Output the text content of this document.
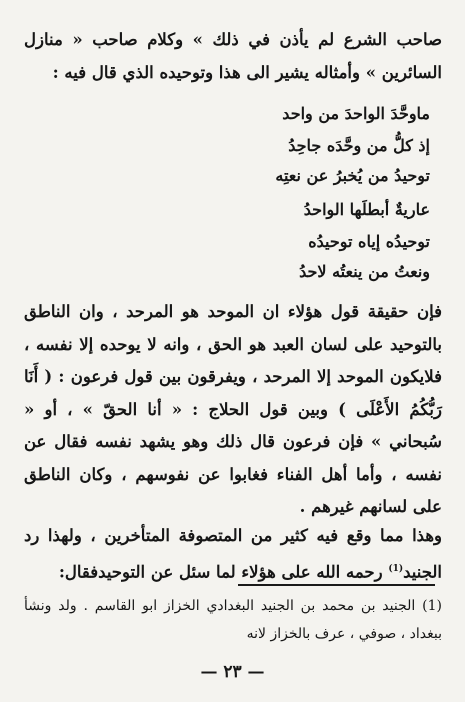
صاحب الشرع لم يأذن في ذلك » وكلام صاحب « منازل السائرين » وأمثاله يشير الى هذا وتوحيده الذي قال فيه :
ماوحَّدَ الواحدَ من واحد
إذ كلُّ من وحَّدَه جاحِدُ
توحيدُ من يُخبرُ عن نعتِه
عاريةٌ أبطلَها الواحدُ
توحيدُه إياه توحيدُه
ونعتُ من ينعتُه لاحدُ
فإن حقيقة قول هؤلاء ان الموحد هو المرحد ، وان الناطق بالتوحيد على لسان العبد هو الحق ، وانه لا يوحده إلا نفسه ، فلايكون الموحد إلا المرحد ، ويفرقون بين قول فرعون : ( أَنَا رَبُّكُمُ الأَعْلَى ) وبين قول الحلاج : « أنا الحقّ » ، أو « سُبحاني » فإن فرعون قال ذلك وهو يشهد نفسه فقال عن نفسه ، وأما أهل الفناء فغابوا عن نفوسهم ، وكان الناطق على لسانهم غيرهم .
وهذا مما وقع فيه كثير من المتصوفة المتأخرين ، ولهذا رد الجنيد$^{(1)}$ رحمه الله على هؤلاء لما سئل عن التوحيدفقال:
(1) الجنيد بن محمد بن الجنيد البغدادي الخزاز ابو القاسم . ولد ونشأ ببغداد ، صوفي ، عرف بالخزاز لانه
— ٢٣ —
